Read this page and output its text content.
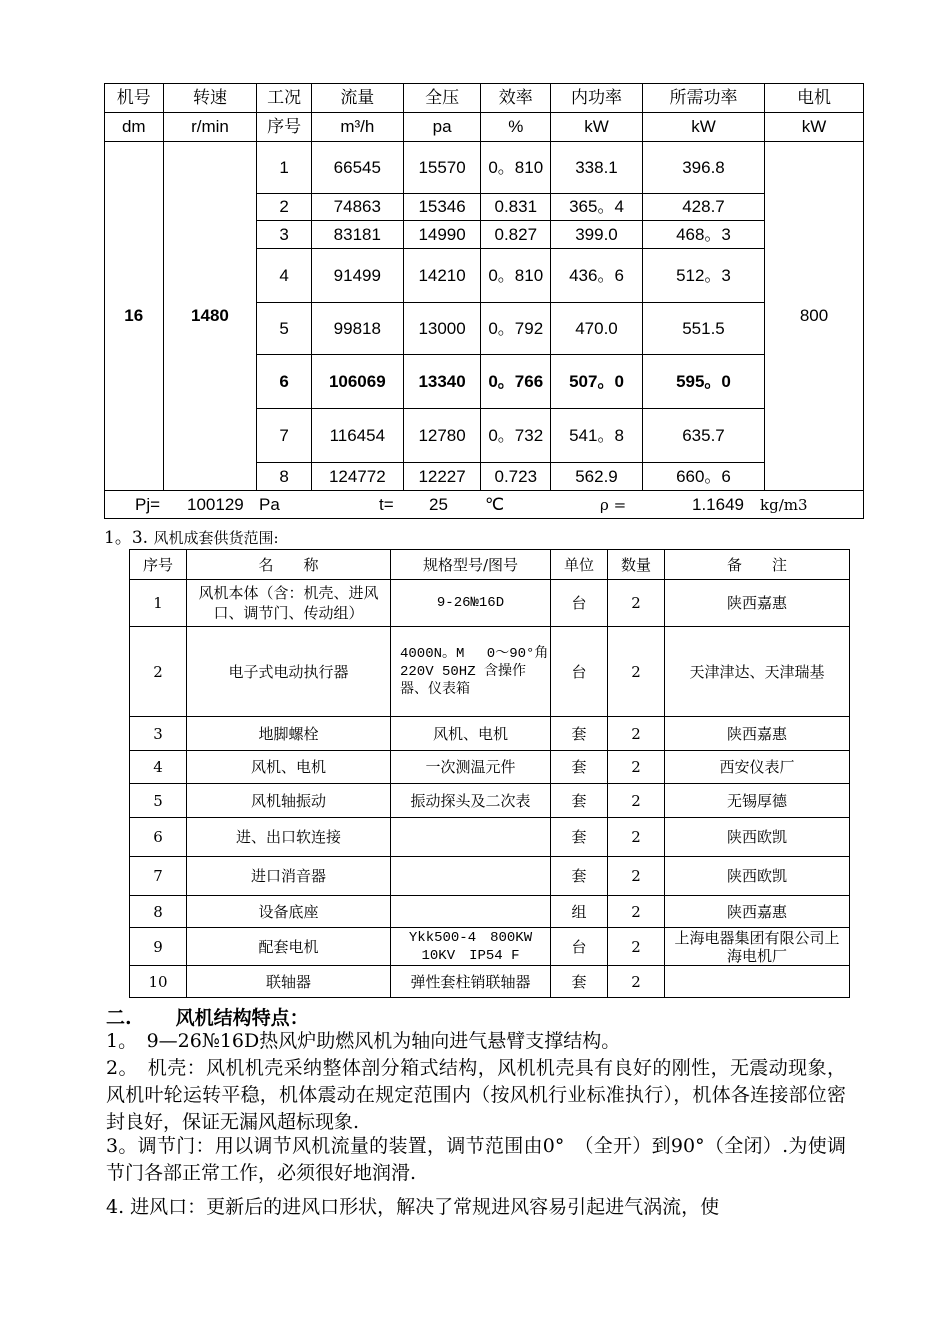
机号	转速	工况	流量	全压	效率	内功率	所需功率	电机
dm	r/min	序号	m³/h	pa	%	kW	kW	kW
16	1480	1	66545	15570	0。810	338.1	396.8	800
		2	74863	15346	0.831	365。4	428.7	
		3	83181	14990	0.827	399.0	468。3	
		4	91499	14210	0。810	436。6	512。3	
		5	99818	13000	0。792	470.0	551.5	
		6	106069	13340	0。766	507。0	595。0	
		7	116454	12780	0。732	541。8	635.7	
		8	124772	12227	0.723	562.9	660。6	
Pj= 100129 Pa t= 25 ℃ ρ = 1.1649 kg/m3								
1。3. 风机成套供货范围:
序号	名　　称	规格型号/图号	单位	数量	备　　注
1	风机本体（含：机壳、进风口、调节门、传动组）	9-26№16D	台	2	陕西嘉惠
2	电子式电动执行器	4000N。M　 0～90°角　220V 50HZ 含操作器、仪表箱	台	2	天津津达、天津瑞基
3	地脚螺栓	风机、电机	套	2	陕西嘉惠
4	风机、电机	一次测温元件	套	2	西安仪表厂
5	风机轴振动	振动探头及二次表	套	2	无锡厚德
6	进、出口软连接		套	2	陕西欧凯
7	进口消音器		套	2	陕西欧凯
8	设备底座		组	2	陕西嘉惠
9	配套电机	Ykk500-4　800KW 10KV　IP54 F	台	2	上海电器集团有限公司上海电机厂
10	联轴器	弹性套柱销联轴器	套	2	
二. 风机结构特点：
1。　9—26№16D热风炉助燃风机为轴向进气悬臂支撑结构。
2。　机壳：风机机壳采纳整体剖分箱式结构，风机机壳具有良好的刚性，无震动现象，风机叶轮运转平稳，机体震动在规定范围内（按风机行业标准执行），机体各连接部位密封良好，保证无漏风超标现象.
3。调节门：用以调节风机流量的装置，调节范围由0°　（全开）到90°（全闭）.为使调节门各部正常工作，必须很好地润滑.
4. 进风口：更新后的进风口形状，解决了常规进风容易引起进气涡流，使
